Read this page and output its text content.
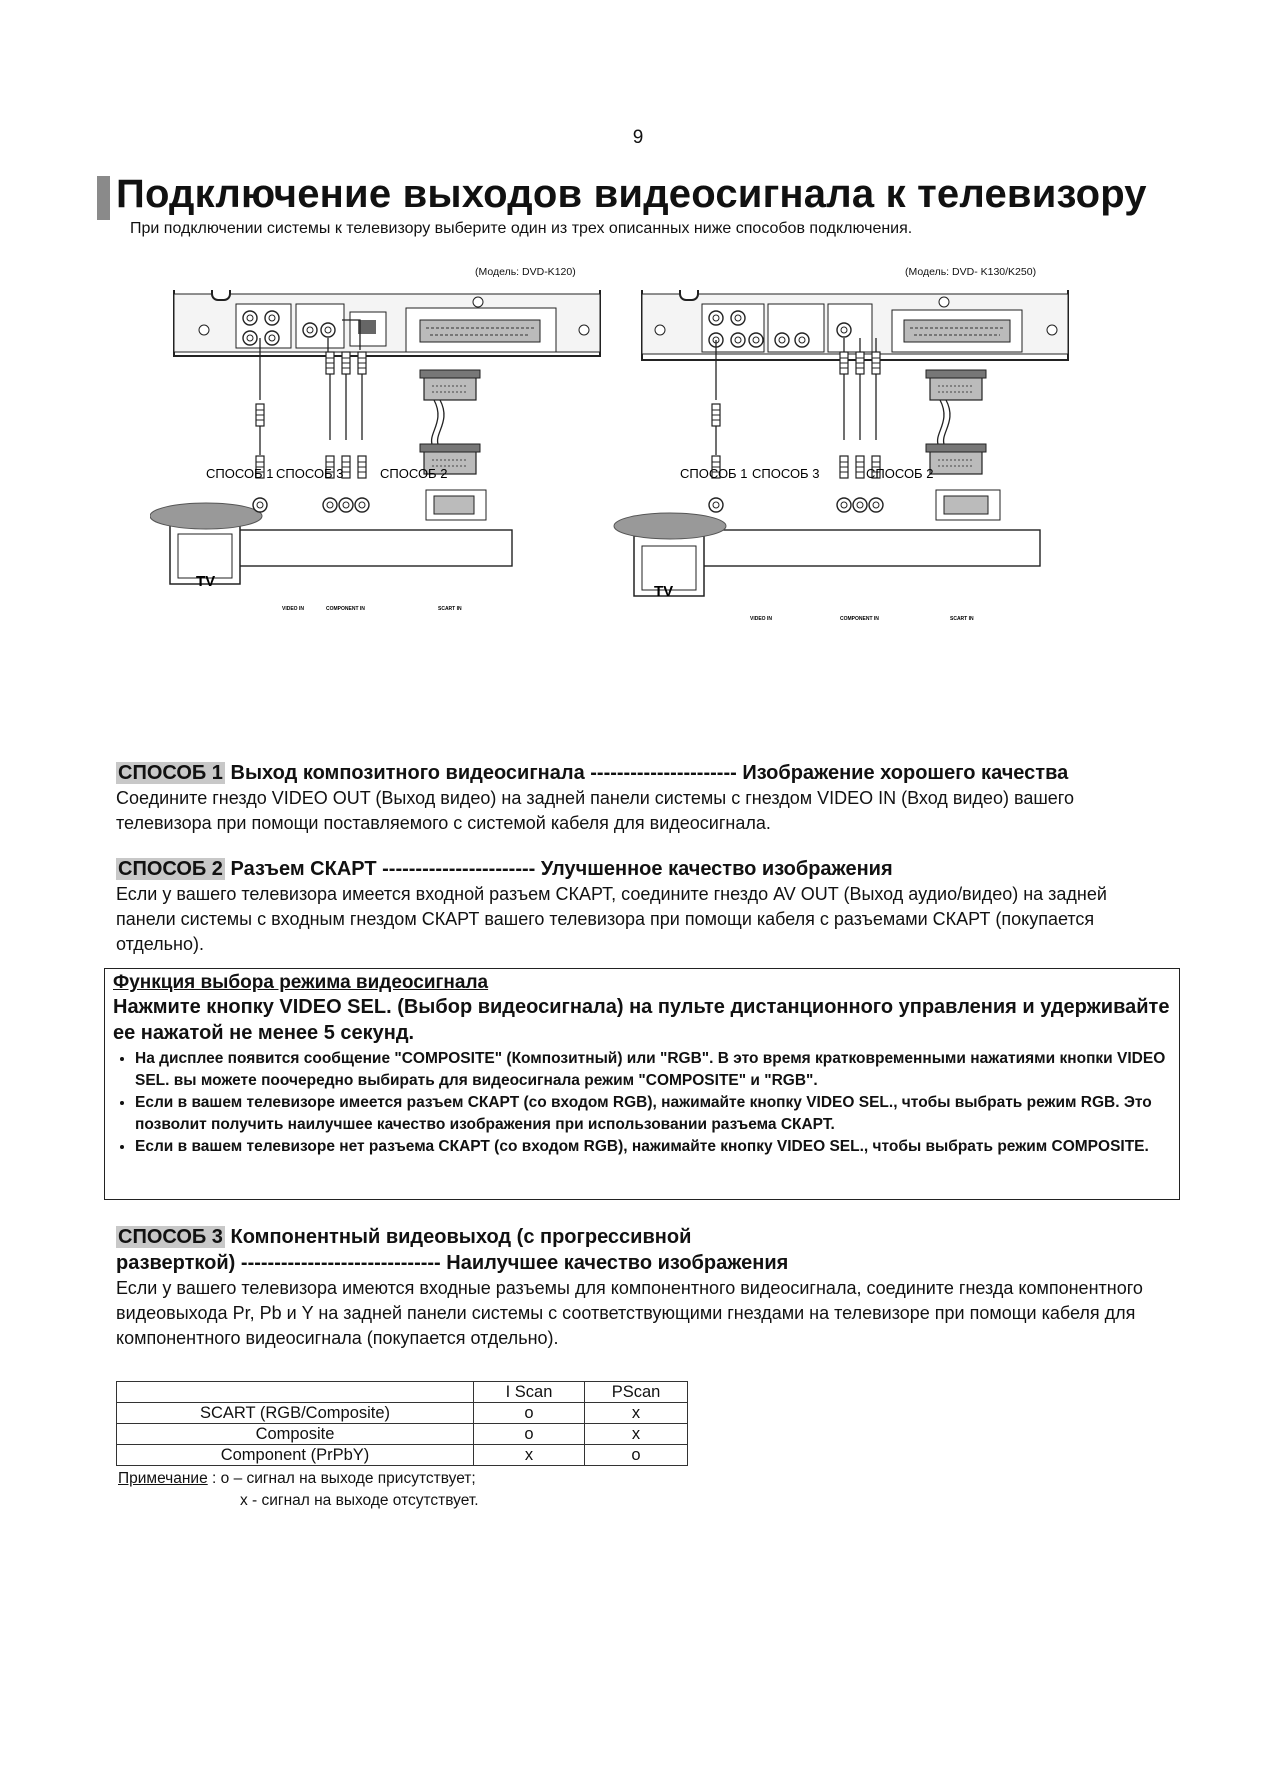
9
Подключение выходов видеосигнала к телевизору
При подключении системы к телевизору выберите один из трех описанных ниже способов подключения.
(Модель: DVD-K120)	(Модель: DVD- K130/K250)
СПОСОБ 1 СПОСОБ 3	СПОСОБ 2
TV
VIDEO IN	COMPONENT IN	SCART IN
СПОСОБ 1 СПОСОБ 3	СПОСОБ 2
TV
VIDEO IN	COMPONENT IN	SCART IN
СПОСОБ 1 Выход композитного видеосигнала ---------------------- Изображение хорошего качества
Соедините гнездо VIDEO OUT (Выход видео) на задней панели системы с гнездом VIDEO IN (Вход видео) вашего телевизора при помощи поставляемого с системой кабеля для видеосигнала.
СПОСОБ 2 Разъем СКАРТ ----------------------- Улучшенное качество изображения
Если у вашего телевизора имеется входной разъем СКАРТ, соедините гнездо AV OUT (Выход аудио/видео) на задней панели системы с входным гнездом СКАРТ вашего телевизора при помощи кабеля с разъемами СКАРТ (покупается отдельно).
Функция выбора режима видеосигнала
Нажмите кнопку VIDEO SEL. (Выбор видеосигнала) на пульте дистанционного управления и удерживайте ее нажатой не менее 5 секунд.
• На дисплее появится сообщение "COMPOSITE" (Композитный) или "RGB". В это время кратковременными нажатиями кнопки VIDEO SEL. вы можете поочередно выбирать для видеосигнала режим "COMPOSITE" и "RGB".
• Если в вашем телевизоре имеется разъем СКАРТ (со входом RGB), нажимайте кнопку VIDEO SEL., чтобы выбрать режим RGB. Это позволит получить наилучшее качество изображения при использовании разъема СКАРТ.
• Если в вашем телевизоре нет разъема СКАРТ (со входом RGB), нажимайте кнопку VIDEO SEL., чтобы выбрать режим COMPOSITE.
СПОСОБ 3 Компонентный видеовыход (с прогрессивной
разверткой) ------------------------------ Наилучшее качество изображения
Если у вашего телевизора имеются входные разъемы для компонентного видеосигнала, соедините гнезда компонентного видеовыхода Pr, Pb и Y на задней панели системы с соответствующими гнездами на телевизоре при помощи кабеля для компонентного видеосигнала (покупается отдельно).
	I Scan	PScan
SCART (RGB/Composite)	o	x
Composite	o	x
Component (PrPbY)	x	o
Примечание : o – сигнал на выходе присутствует;
x - сигнал на выходе отсутствует.
